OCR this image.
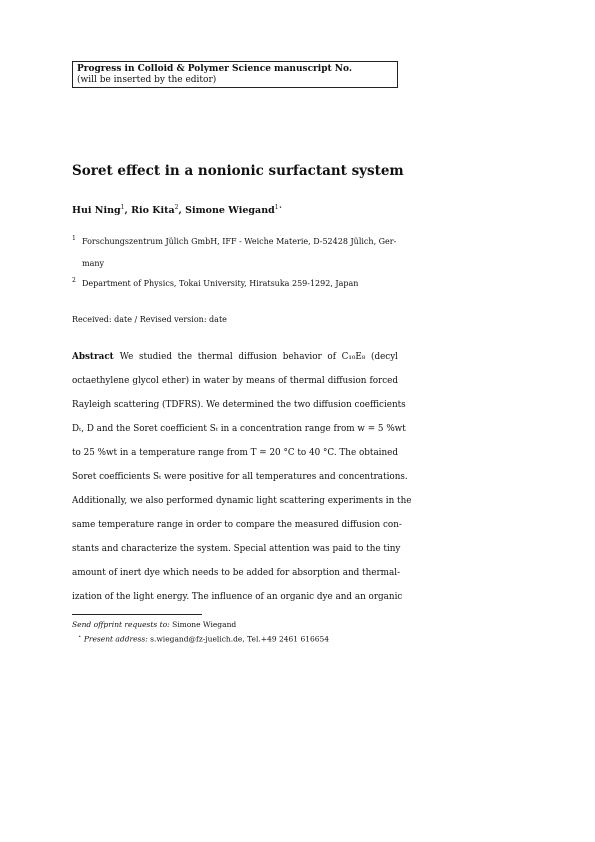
Progress in Colloid & Polymer Science manuscript No.
(will be inserted by the editor)
Soret effect in a nonionic surfactant system
Hui Ning$^1$, Rio Kita$^2$, Simone Wiegand$^{1⋆}$
1 Forschungszentrum Jülich GmbH, IFF - Weiche Materie, D-52428 Jülich, Ger-
many
2 Department of Physics, Tokai University, Hiratsuka 259-1292, Japan
Received: date / Revised version: date
Abstract We studied the thermal diffusion behavior of C₁₀E₈ (decyl
octaethylene glycol ether) in water by means of thermal diffusion forced
Rayleigh scattering (TDFRS). We determined the two diffusion coefficients
Dₜ, D and the Soret coefficient Sₜ in a concentration range from w = 5 %wt
to 25 %wt in a temperature range from T = 20 °C to 40 °C. The obtained
Soret coefficients Sₜ were positive for all temperatures and concentrations.
Additionally, we also performed dynamic light scattering experiments in the
same temperature range in order to compare the measured diffusion con-
stants and characterize the system. Special attention was paid to the tiny
amount of inert dye which needs to be added for absorption and thermal-
ization of the light energy. The influence of an organic dye and an organic
Send offprint requests to: Simone Wiegand
⋆ Present address: s.wiegand@fz-juelich.de, Tel.+49 2461 616654
